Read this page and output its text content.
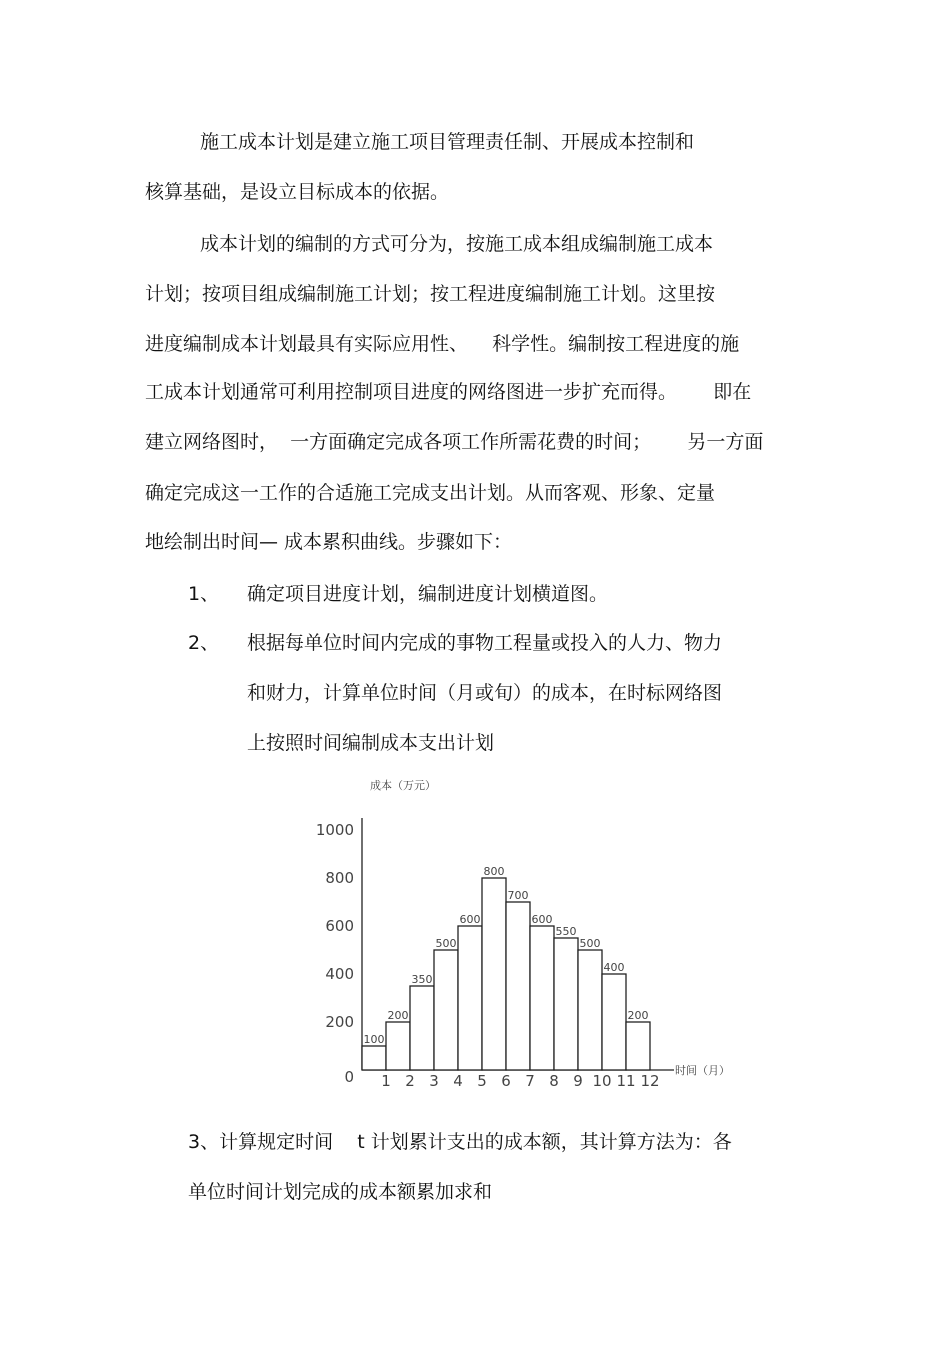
施工成本计划是建立施工项目管理责任制、开展成本控制和
核算基础，是设立目标成本的依据。
成本计划的编制的方式可分为，按施工成本组成编制施工成本
计划；按项目组成编制施工计划；按工程进度编制施工计划。这里按
进度编制成本计划最具有实际应用性、    科学性。编制按工程进度的施
工成本计划通常可利用控制项目进度的网络图进一步扩充而得。      即在
建立网络图时，  一方面确定完成各项工作所需花费的时间；      另一方面
确定完成这一工作的合适施工完成支出计划。从而客观、形象、定量
地绘制出时间— 成本累积曲线。步骤如下：
1、 确定项目进度计划，编制进度计划横道图。
2、 根据每单位时间内完成的事物工程量或投入的人力、物力
和财力，计算单位时间（月或旬）的成本，在时标网络图
上按照时间编制成本支出计划
成本（万元）
时间（月）
100
200
350
500
600
800
700
600
550
500
400
200
0
200
400
600
800
1000
1 2 3 4 5 6 7 8 9 10 11 12
3、计算规定时间    t 计划累计支出的成本额，其计算方法为：各
单位时间计划完成的成本额累加求和
